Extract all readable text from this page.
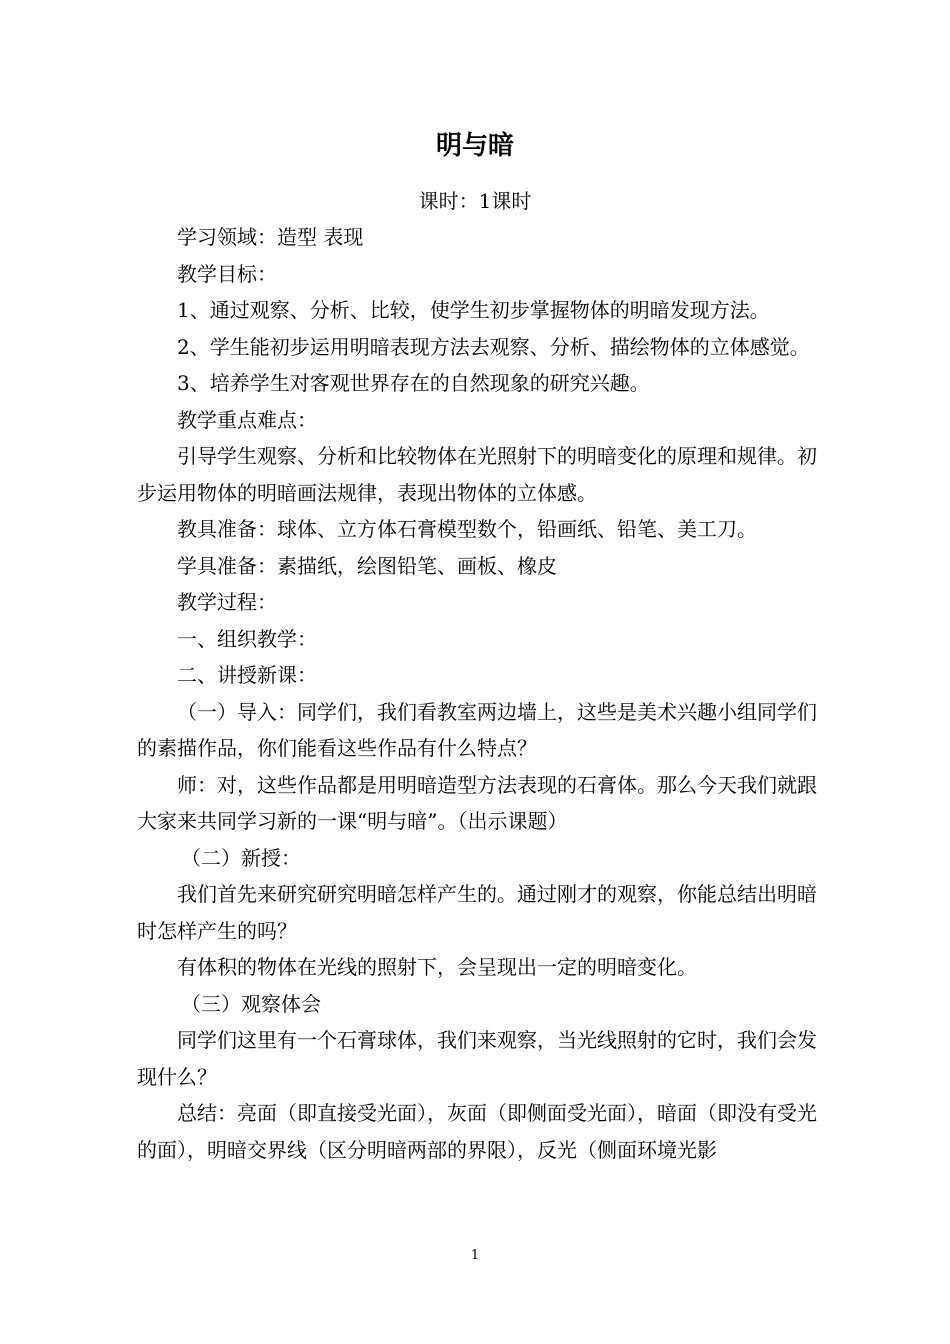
明与暗
课时：1课时

学习领域：造型 表现

教学目标：

1、通过观察、分析、比较，使学生初步掌握物体的明暗发现方法。

2、学生能初步运用明暗表现方法去观察、分析、描绘物体的立体感觉。

3、培养学生对客观世界存在的自然现象的研究兴趣。

教学重点难点：

引导学生观察、分析和比较物体在光照射下的明暗变化的原理和规律。初步运用物体的明暗画法规律，表现出物体的立体感。

教具准备：球体、立方体石膏模型数个，铅画纸、铅笔、美工刀。

学具准备：素描纸，绘图铅笔、画板、橡皮

教学过程：

一、组织教学：

二、讲授新课：

（一）导入：同学们，我们看教室两边墙上，这些是美术兴趣小组同学们的素描作品，你们能看这些作品有什么特点？

师：对，这些作品都是用明暗造型方法表现的石膏体。那么今天我们就跟大家来共同学习新的一课“明与暗”。（出示课题）

（二）新授：

我们首先来研究研究明暗怎样产生的。通过刚才的观察，你能总结出明暗时怎样产生的吗？

有体积的物体在光线的照射下，会呈现出一定的明暗变化。

（三）观察体会

同学们这里有一个石膏球体，我们来观察，当光线照射的它时，我们会发现什么？

总结：亮面（即直接受光面），灰面（即侧面受光面），暗面（即没有受光的面），明暗交界线（区分明暗两部的界限），反光（侧面环境光影

1
